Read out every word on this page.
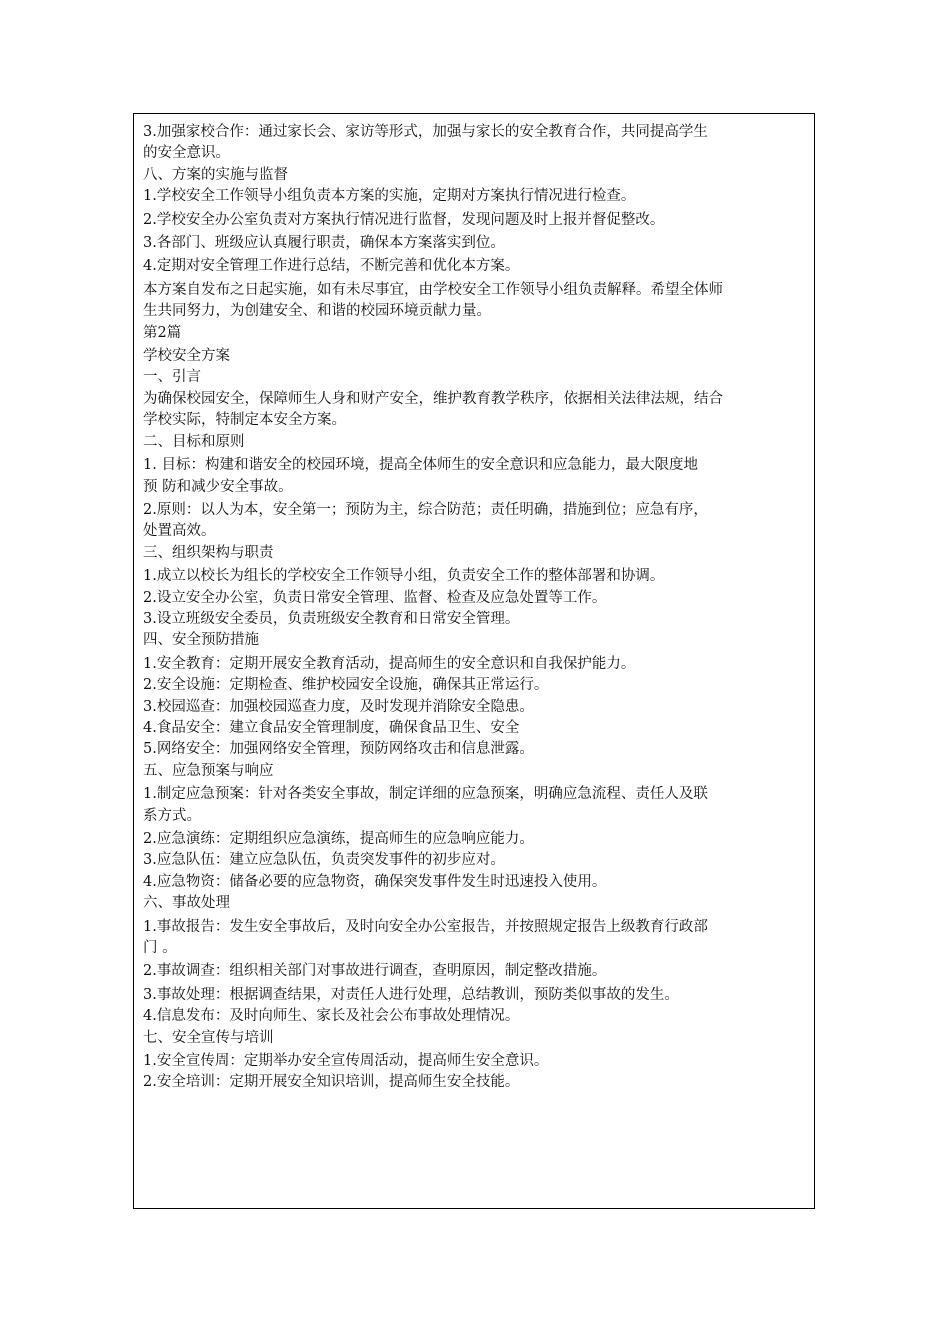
3.加强家校合作：通过家长会、家访等形式，加强与家长的安全教育合作，共同提高学生
的安全意识。
八、方案的实施与监督
1.学校安全工作领导小组负责本方案的实施，定期对方案执行情况进行检查。
2.学校安全办公室负责对方案执行情况进行监督，发现问题及时上报并督促整改。
3.各部门、班级应认真履行职责，确保本方案落实到位。
4.定期对安全管理工作进行总结，不断完善和优化本方案。
本方案自发布之日起实施，如有未尽事宜，由学校安全工作领导小组负责解释。希望全体师
生共同努力，为创建安全、和谐的校园环境贡献力量。
第2篇
学校安全方案
一、引言
为确保校园安全，保障师生人身和财产安全，维护教育教学秩序，依据相关法律法规，结合
学校实际，特制定本安全方案。
二、目标和原则
1. 目标：构建和谐安全的校园环境，提高全体师生的安全意识和应急能力，最大限度地
预 防和减少安全事故。
2.原则：以人为本，安全第一；预防为主，综合防范；责任明确，措施到位；应急有序，
处置高效。
三、组织架构与职责
1.成立以校长为组长的学校安全工作领导小组，负责安全工作的整体部署和协调。
2.设立安全办公室，负责日常安全管理、监督、检查及应急处置等工作。
3.设立班级安全委员，负责班级安全教育和日常安全管理。
四、安全预防措施
1.安全教育：定期开展安全教育活动，提高师生的安全意识和自我保护能力。
2.安全设施：定期检查、维护校园安全设施，确保其正常运行。
3.校园巡查：加强校园巡查力度，及时发现并消除安全隐患。
4.食品安全：建立食品安全管理制度，确保食品卫生、安全
5.网络安全：加强网络安全管理，预防网络攻击和信息泄露。
五、应急预案与响应
1.制定应急预案：针对各类安全事故，制定详细的应急预案，明确应急流程、责任人及联
系方式。
2.应急演练：定期组织应急演练，提高师生的应急响应能力。
3.应急队伍：建立应急队伍，负责突发事件的初步应对。
4.应急物资：储备必要的应急物资，确保突发事件发生时迅速投入使用。
六、事故处理
1.事故报告：发生安全事故后，及时向安全办公室报告，并按照规定报告上级教育行政部
门 。
2.事故调查：组织相关部门对事故进行调查，查明原因，制定整改措施。
3.事故处理：根据调查结果，对责任人进行处理，总结教训，预防类似事故的发生。
4.信息发布：及时向师生、家长及社会公布事故处理情况。
七、安全宣传与培训
1.安全宣传周：定期举办安全宣传周活动，提高师生安全意识。
2.安全培训：定期开展安全知识培训，提高师生安全技能。
